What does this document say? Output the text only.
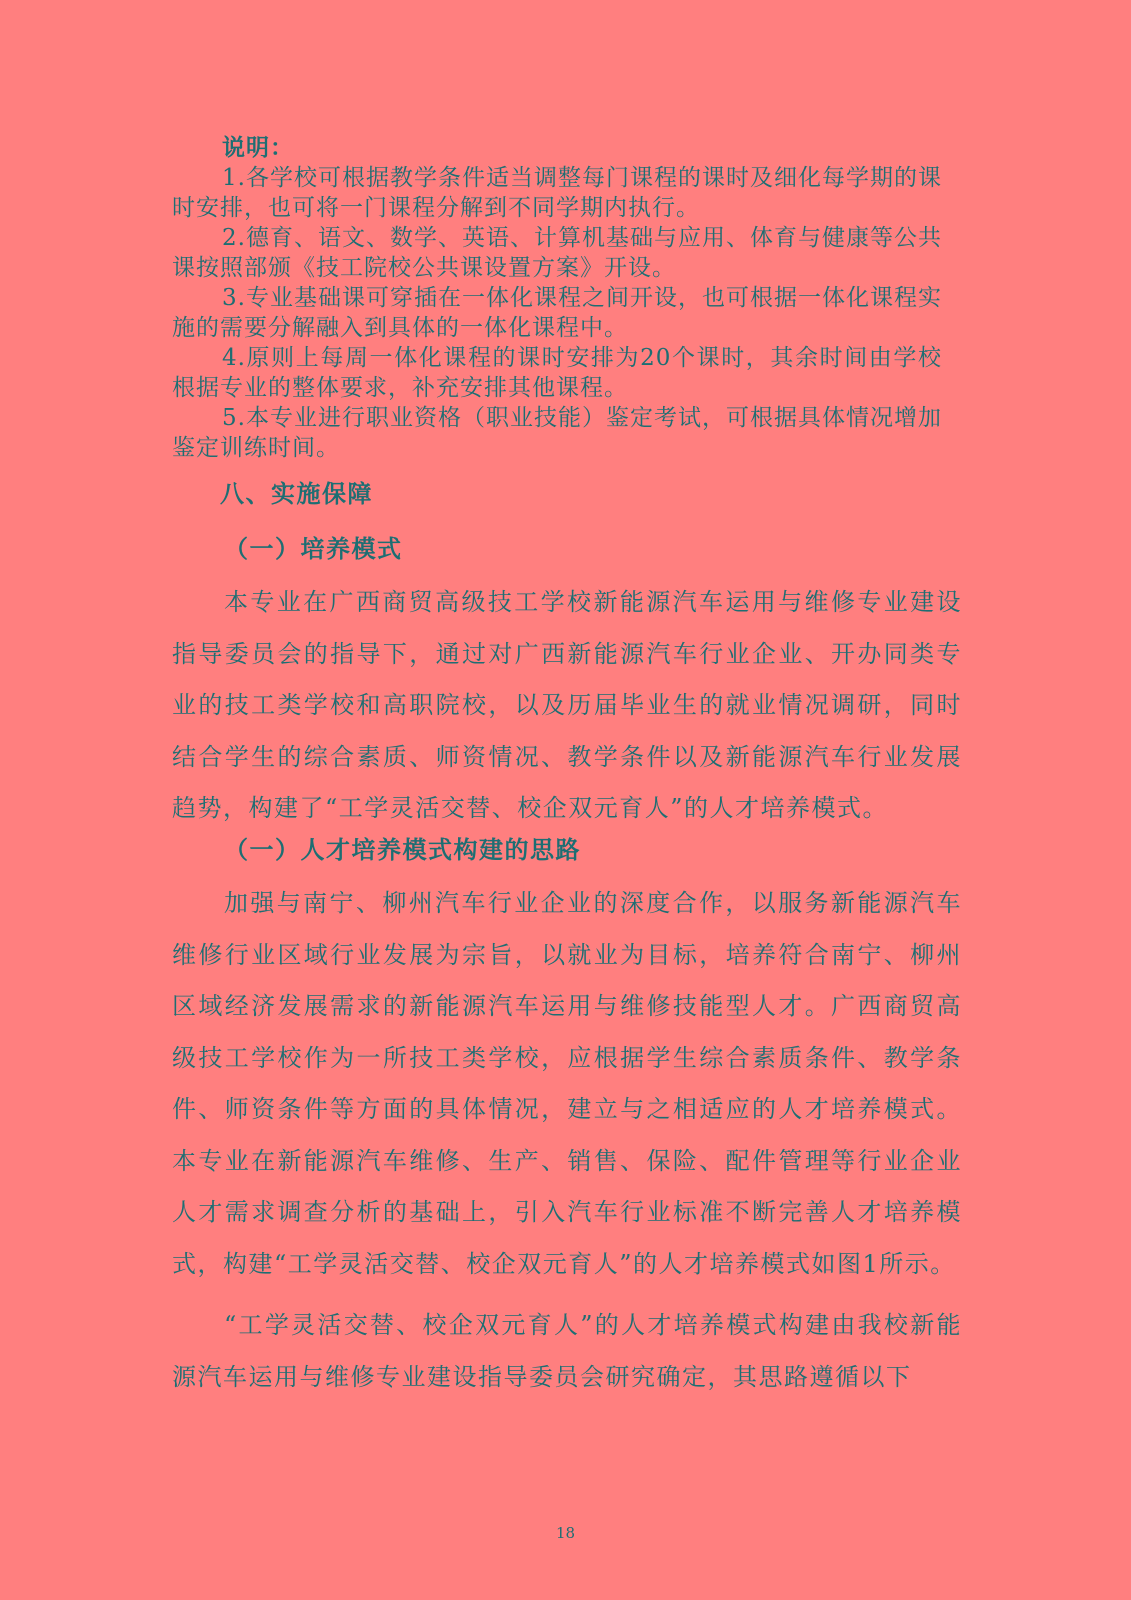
说明：

1.各学校可根据教学条件适当调整每门课程的课时及细化每学期的课时安排，也可将一门课程分解到不同学期内执行。

2.德育、语文、数学、英语、计算机基础与应用、体育与健康等公共课按照部颁《技工院校公共课设置方案》开设。

3.专业基础课可穿插在一体化课程之间开设，也可根据一体化课程实施的需要分解融入到具体的一体化课程中。

4.原则上每周一体化课程的课时安排为20个课时，其余时间由学校根据专业的整体要求，补充安排其他课程。

5.本专业进行职业资格（职业技能）鉴定考试，可根据具体情况增加鉴定训练时间。

八、实施保障

（一）培养模式

本专业在广西商贸高级技工学校新能源汽车运用与维修专业建设指导委员会的指导下，通过对广西新能源汽车行业企业、开办同类专业的技工类学校和高职院校，以及历届毕业生的就业情况调研，同时结合学生的综合素质、师资情况、教学条件以及新能源汽车行业发展趋势，构建了“工学灵活交替、校企双元育人”的人才培养模式。

（一）人才培养模式构建的思路

加强与南宁、柳州汽车行业企业的深度合作，以服务新能源汽车维修行业区域行业发展为宗旨，以就业为目标，培养符合南宁、柳州区域经济发展需求的新能源汽车运用与维修技能型人才。广西商贸高级技工学校作为一所技工类学校，应根据学生综合素质条件、教学条件、师资条件等方面的具体情况，建立与之相适应的人才培养模式。本专业在新能源汽车维修、生产、销售、保险、配件管理等行业企业人才需求调查分析的基础上，引入汽车行业标准不断完善人才培养模式，构建“工学灵活交替、校企双元育人”的人才培养模式如图1所示。

“工学灵活交替、校企双元育人”的人才培养模式构建由我校新能源汽车运用与维修专业建设指导委员会研究确定，其思路遵循以下

18
